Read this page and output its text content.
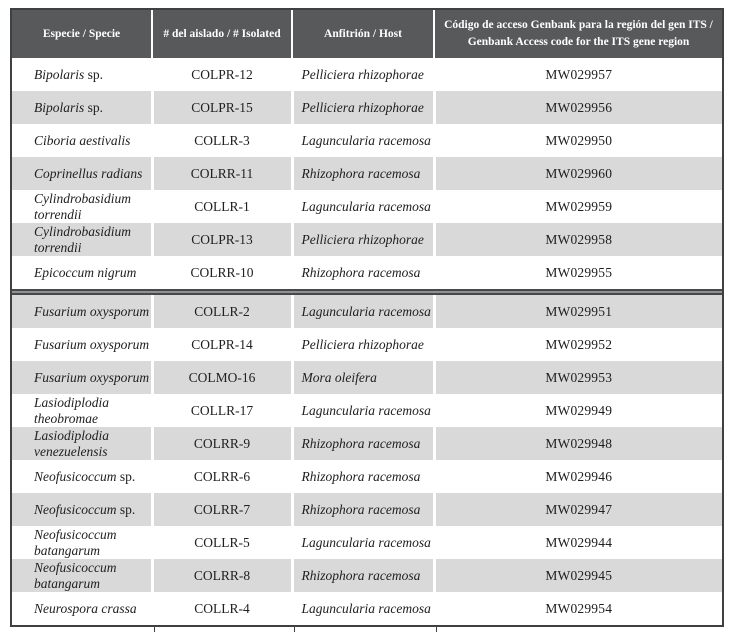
Especie / Specie	# del aislado / # Isolated	Anfitrión / Host	Código de acceso Genbank para la región del gen ITS /
Genbank Access code for the ITS gene region

Bipolaris sp.	COLPR-12	Pelliciera rhizophorae	MW029957
Bipolaris sp.	COLPR-15	Pelliciera rhizophorae	MW029956
Ciboria aestivalis	COLLR-3	Laguncularia racemosa	MW029950
Coprinellus radians	COLRR-11	Rhizophora racemosa	MW029960
Cylindrobasidium torrendii	COLLR-1	Laguncularia racemosa	MW029959
Cylindrobasidium torrendii	COLPR-13	Pelliciera rhizophorae	MW029958
Epicoccum nigrum	COLRR-10	Rhizophora racemosa	MW029955

Fusarium oxysporum	COLLR-2	Laguncularia racemosa	MW029951
Fusarium oxysporum	COLPR-14	Pelliciera rhizophorae	MW029952
Fusarium oxysporum	COLMO-16	Mora oleifera	MW029953
Lasiodiplodia theobromae	COLLR-17	Laguncularia racemosa	MW029949
Lasiodiplodia venezuelensis	COLRR-9	Rhizophora racemosa	MW029948
Neofusicoccum sp.	COLRR-6	Rhizophora racemosa	MW029946
Neofusicoccum sp.	COLRR-7	Rhizophora racemosa	MW029947
Neofusicoccum batangarum	COLLR-5	Laguncularia racemosa	MW029944
Neofusicoccum batangarum	COLRR-8	Rhizophora racemosa	MW029945
Neurospora crassa	COLLR-4	Laguncularia racemosa	MW029954
